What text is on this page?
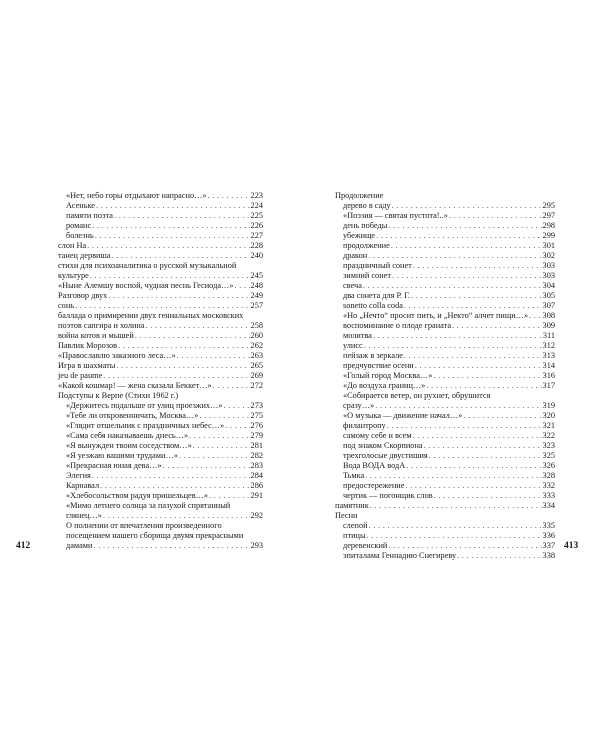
«Нет, небо горы отдыхают напрасно…» . . .	223
Асеньке . . .	224
памяти поэта . . .	225
романс . . .	226
болезнь . . .	227
слон На . . .	228
танец дервиша . . .	240
стихи для психоаналитика о русской музыкальной
культуре . . .	245
«Ныне Алемшу воспой, чудная песнь Гесиода…» . . . 248
Разговор двух . . .	249
сонь . . .	257
баллада о примирении двух гениальных московских
поэтов сапгира и холина . . .	258
война котов и мышей . . .	260
Павлик Морозов . . .	262
«Православлю заказного леса…» . . .	263
Игра в шахматы . . .	265
jeu de paume . . .	269
«Какой кошмар! — жена сказала Беккет…» . . .	272
Подступы к Верпе (Стихи 1962 г.)
«Держитесь подальше от улиц проезжих…» . . .	273
«Тебе ли откровенничать, Москва…» . . .	275
«Глядит отшельник с праздничных небес…» . . .	276
«Сама себя наказываешь днесь…» . . .	279
«Я вынужден твоим соседством…» . . .	281
«Я уезжаю вашими трудами…» . . .	282
«Прекрасная юная дева…» . . .	283
Элегия . . .	284
Карнавал . . .	286
«Хлебосольством радуя пришельцев…» . . .	291
«Мимо летнего солнца за пазухой спрятанный
глянец…» . . .	292
О полнении от впечатления произведенного
посещением нашего сборища двумя прекрасными
дамами . . .	293
412
Продолжение
дерево в саду . . .	295
«Поэзия — святая пустота!..» . . .	297
день победы . . .	298
убежище . . .	299
продолжение . . .	301
дракон . . .	302
праздничный сонет . . .	303
зимний сонет . . .	303
свеча . . .	304
два сонета для Р. Г. . . .	305
sonetto colla coda . . .	307
«Но „Нечто“ просит пить, и „Некто“ алчет пищи…» . . . 308
воспоминание о плоде граната . . .	309
молитва . . .	311
улисс . . .	312
пейзаж в зеркале . . .	313
предчувствие осени . . .	314
«Голый город Москва…» . . .	316
«До воздуха границ…» . . .	317
«Собирается ветер, он рухнет, обрушится
сразу…» . . .	319
«О музыка — движение начал…» . . .	320
филантропу . . .	321
самому себе и всем . . .	322
под знаком Скорпиона . . .	323
трехголосые двустишия . . .	325
Вода ВОДА водА . . .	326
Тьмка . . .	328
предостережение . . .	332
чертик — погонщик слов . . .	333
памятник . . .	334
Песни
слепой . . .	335
птицы . . .	336
деревенский . . .	337
эпиталама Геннадию Снегиреву . . .	338
413
